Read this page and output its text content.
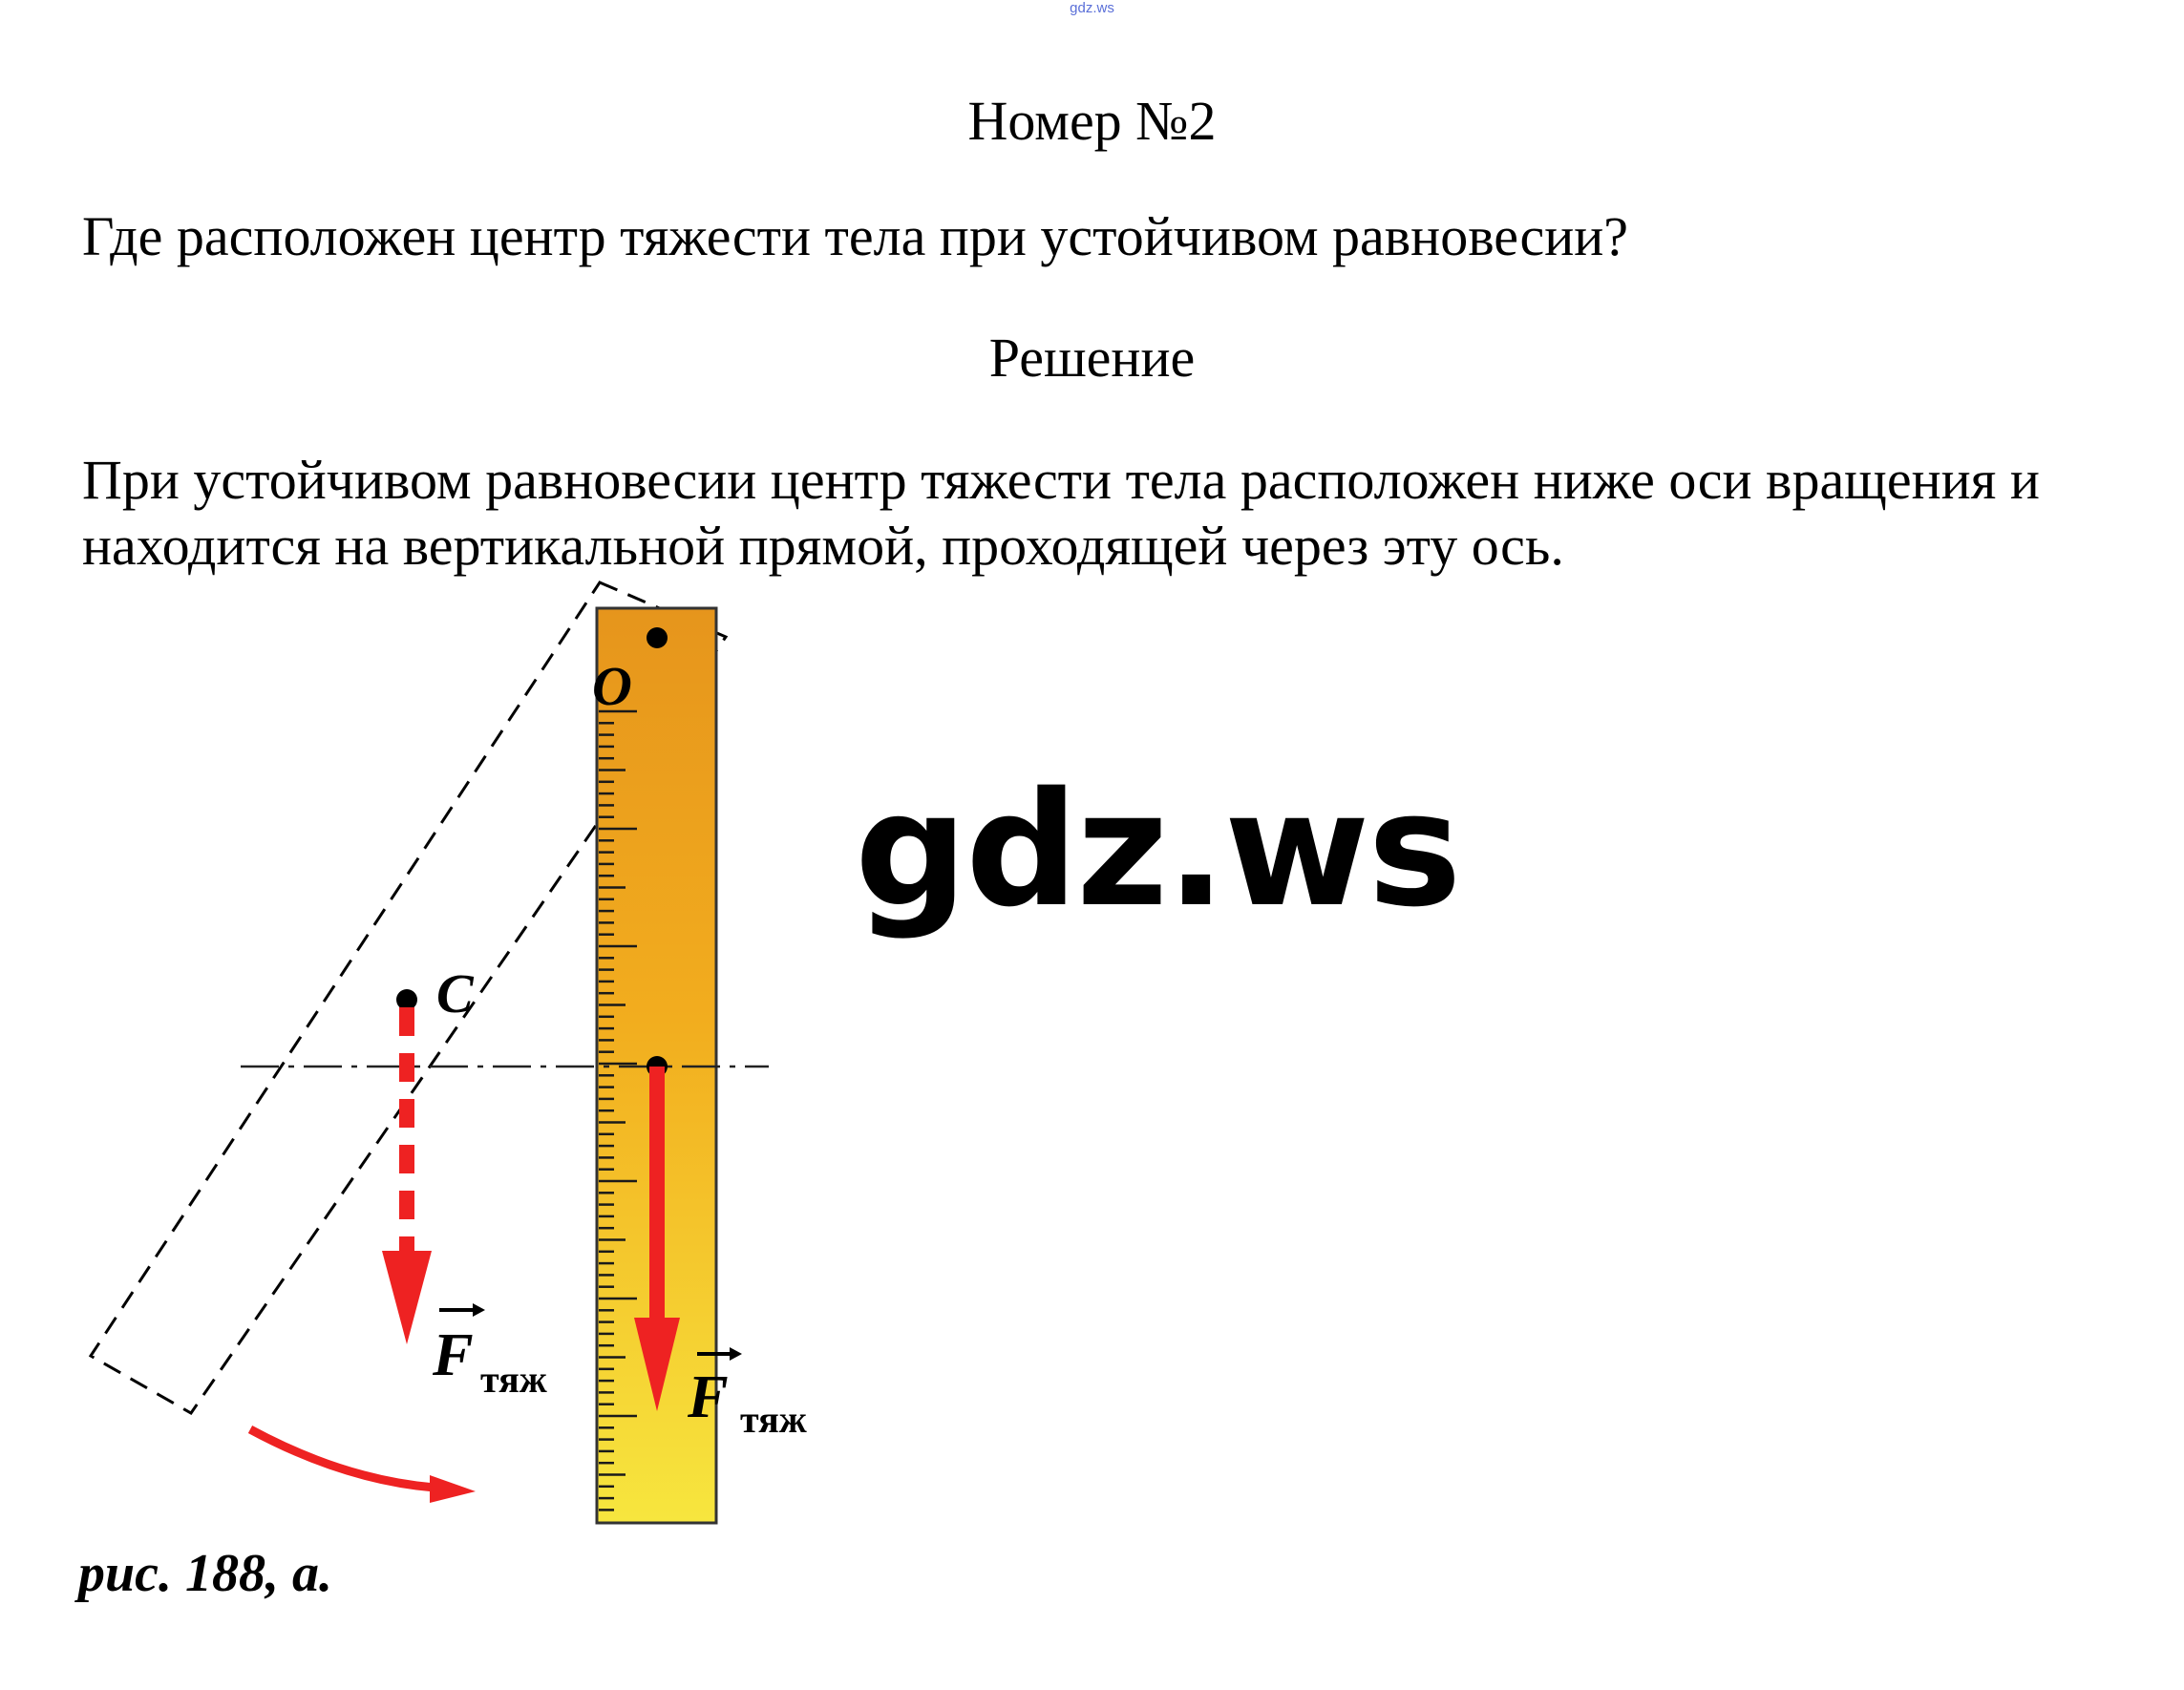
gdz.ws
Номер №2
Где расположен центр тяжести тела при устойчивом равновесии?
Решение

При устойчивом равновесии центр тяжести тела расположен ниже оси вращения и
находится на вертикальной прямой, проходящей через эту ось.

O
C
F тяж F тяж
gdz.ws
рис. 188, а.
